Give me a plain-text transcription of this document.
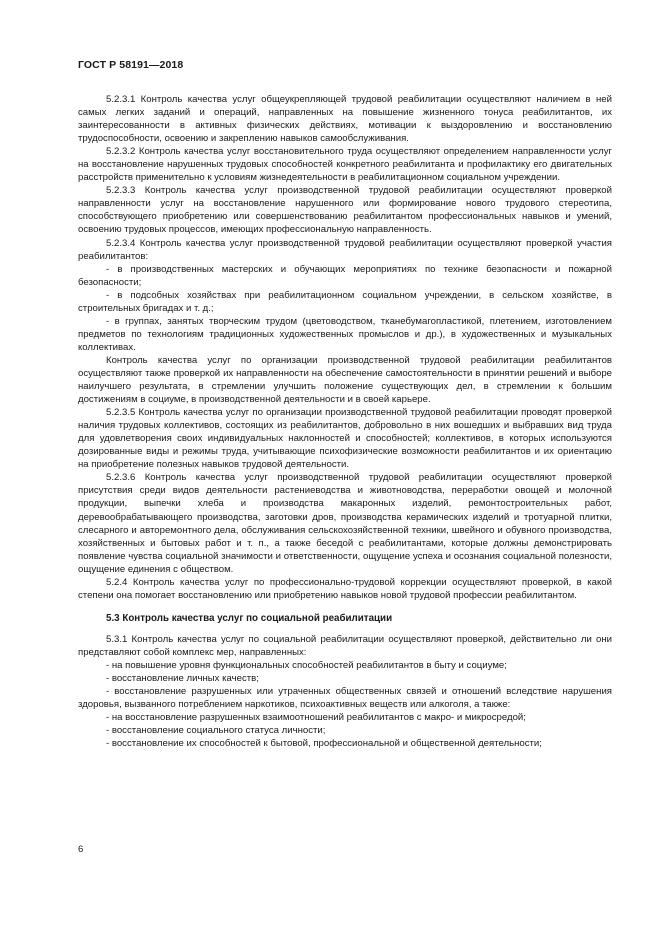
ГОСТ Р 58191—2018

5.2.3.1 Контроль качества услуг общеукрепляющей трудовой реабилитации осуществляют наличием в ней самых легких заданий и операций, направленных на повышение жизненного тонуса реабилитантов, их заинтересованности в активных физических действиях, мотивации к выздоровлению и восстановлению трудоспособности, освоению и закреплению навыков самообслуживания.

5.2.3.2 Контроль качества услуг восстановительного труда осуществляют определением направленности услуг на восстановление нарушенных трудовых способностей конкретного реабилитанта и профилактику его двигательных расстройств применительно к условиям жизнедеятельности в реабилитационном социальном учреждении.

5.2.3.3 Контроль качества услуг производственной трудовой реабилитации осуществляют проверкой направленности услуг на восстановление нарушенного или формирование нового трудового стереотипа, способствующего приобретению или совершенствованию реабилитантом профессиональных навыков и умений, освоению трудовых процессов, имеющих профессиональную направленность.

5.2.3.4 Контроль качества услуг производственной трудовой реабилитации осуществляют проверкой участия реабилитантов:

- в производственных мастерских и обучающих мероприятиях по технике безопасности и пожарной безопасности;

- в подсобных хозяйствах при реабилитационном социальном учреждении, в сельском хозяйстве, в строительных бригадах и т. д.;

- в группах, занятых творческим трудом (цветоводством, тканебумагопластикой, плетением, изготовлением предметов по технологиям традиционных художественных промыслов и др.), в художественных и музыкальных коллективах.

Контроль качества услуг по организации производственной трудовой реабилитации реабилитантов осуществляют также проверкой их направленности на обеспечение самостоятельности в принятии решений и выборе наилучшего результата, в стремлении улучшить положение существующих дел, в стремлении к большим достижениям в социуме, в производственной деятельности и в своей карьере.

5.2.3.5 Контроль качества услуг по организации производственной трудовой реабилитации проводят проверкой наличия трудовых коллективов, состоящих из реабилитантов, добровольно в них вошедших и выбравших вид труда для удовлетворения своих индивидуальных наклонностей и способностей; коллективов, в которых используются дозированные виды и режимы труда, учитывающие психофизические возможности реабилитантов и их ориентацию на приобретение полезных навыков трудовой деятельности.

5.2.3.6 Контроль качества услуг производственной трудовой реабилитации осуществляют проверкой присутствия среди видов деятельности растениеводства и животноводства, переработки овощей и молочной продукции, выпечки хлеба и производства макаронных изделий, ремонтостроительных работ, деревообрабатывающего производства, заготовки дров, производства керамических изделий и тротуарной плитки, слесарного и авторемонтного дела, обслуживания сельскохозяйственной техники, швейного и обувного производства, хозяйственных и бытовых работ и т. п., а также беседой с реабилитантами, которые должны демонстрировать появление чувства социальной значимости и ответственности, ощущение успеха и осознания социальной полезности, ощущение единения с обществом.

5.2.4 Контроль качества услуг по профессионально-трудовой коррекции осуществляют проверкой, в какой степени она помогает восстановлению или приобретению навыков новой трудовой профессии реабилитантом.

5.3 Контроль качества услуг по социальной реабилитации

5.3.1 Контроль качества услуг по социальной реабилитации осуществляют проверкой, действительно ли они представляют собой комплекс мер, направленных:

- на повышение уровня функциональных способностей реабилитантов в быту и социуме;

- восстановление личных качеств;

- восстановление разрушенных или утраченных общественных связей и отношений вследствие нарушения здоровья, вызванного потреблением наркотиков, психоактивных веществ или алкоголя, а также:

- на восстановление разрушенных взаимоотношений реабилитантов с макро- и микросредой;

- восстановление социального статуса личности;

- восстановление их способностей к бытовой, профессиональной и общественной деятельности;

6
